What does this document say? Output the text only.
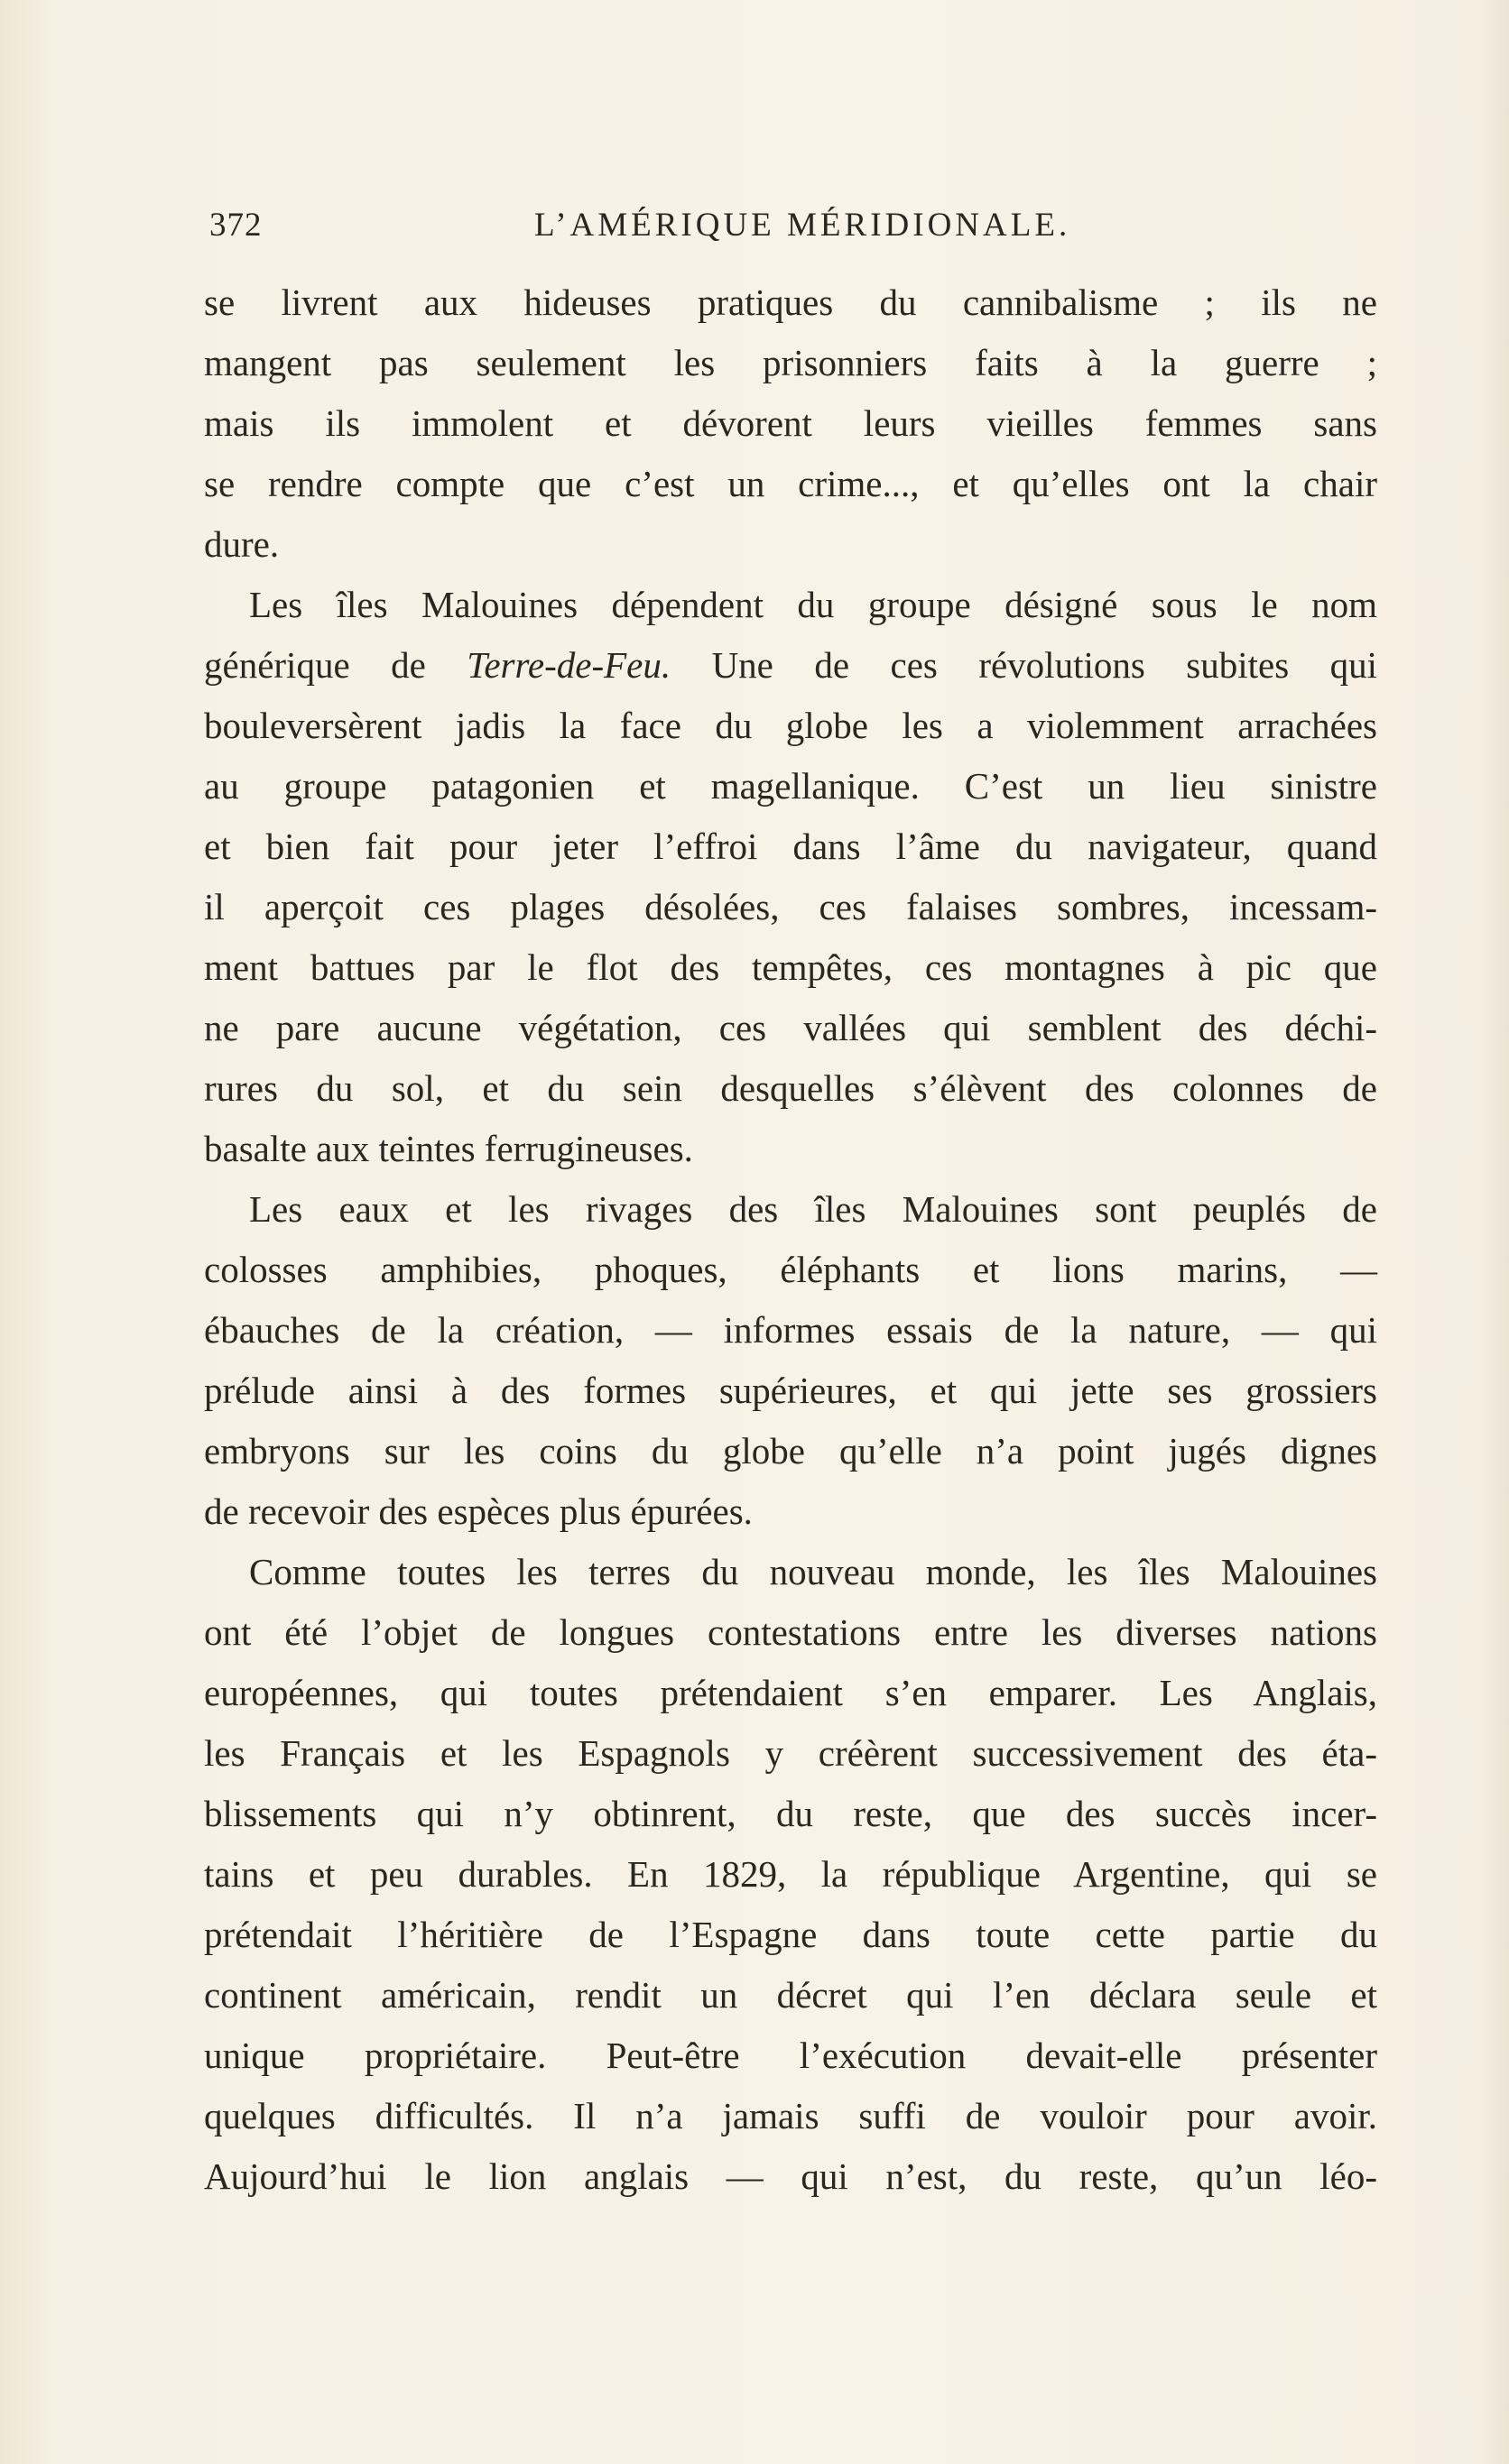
372	L’AMÉRIQUE MÉRIDIONALE.
se livrent aux hideuses pratiques du cannibalisme ; ils ne
mangent pas seulement les prisonniers faits à la guerre ;
mais ils immolent et dévorent leurs vieilles femmes sans
se rendre compte que c’est un crime..., et qu’elles ont la chair
dure.
Les îles Malouines dépendent du groupe désigné sous le nom
générique de Terre-de-Feu. Une de ces révolutions subites qui
bouleversèrent jadis la face du globe les a violemment arrachées
au groupe patagonien et magellanique. C’est un lieu sinistre
et bien fait pour jeter l’effroi dans l’âme du navigateur, quand
il aperçoit ces plages désolées, ces falaises sombres, incessam-
ment battues par le flot des tempêtes, ces montagnes à pic que
ne pare aucune végétation, ces vallées qui semblent des déchi-
rures du sol, et du sein desquelles s’élèvent des colonnes de
basalte aux teintes ferrugineuses.
Les eaux et les rivages des îles Malouines sont peuplés de
colosses amphibies, phoques, éléphants et lions marins, —
ébauches de la création, — informes essais de la nature, — qui
prélude ainsi à des formes supérieures, et qui jette ses grossiers
embryons sur les coins du globe qu’elle n’a point jugés dignes
de recevoir des espèces plus épurées.
Comme toutes les terres du nouveau monde, les îles Malouines
ont été l’objet de longues contestations entre les diverses nations
européennes, qui toutes prétendaient s’en emparer. Les Anglais,
les Français et les Espagnols y créèrent successivement des éta-
blissements qui n’y obtinrent, du reste, que des succès incer-
tains et peu durables. En 1829, la république Argentine, qui se
prétendait l’héritière de l’Espagne dans toute cette partie du
continent américain, rendit un décret qui l’en déclara seule et
unique propriétaire. Peut-être l’exécution devait-elle présenter
quelques difficultés. Il n’a jamais suffi de vouloir pour avoir.
Aujourd’hui le lion anglais — qui n’est, du reste, qu’un léo-
